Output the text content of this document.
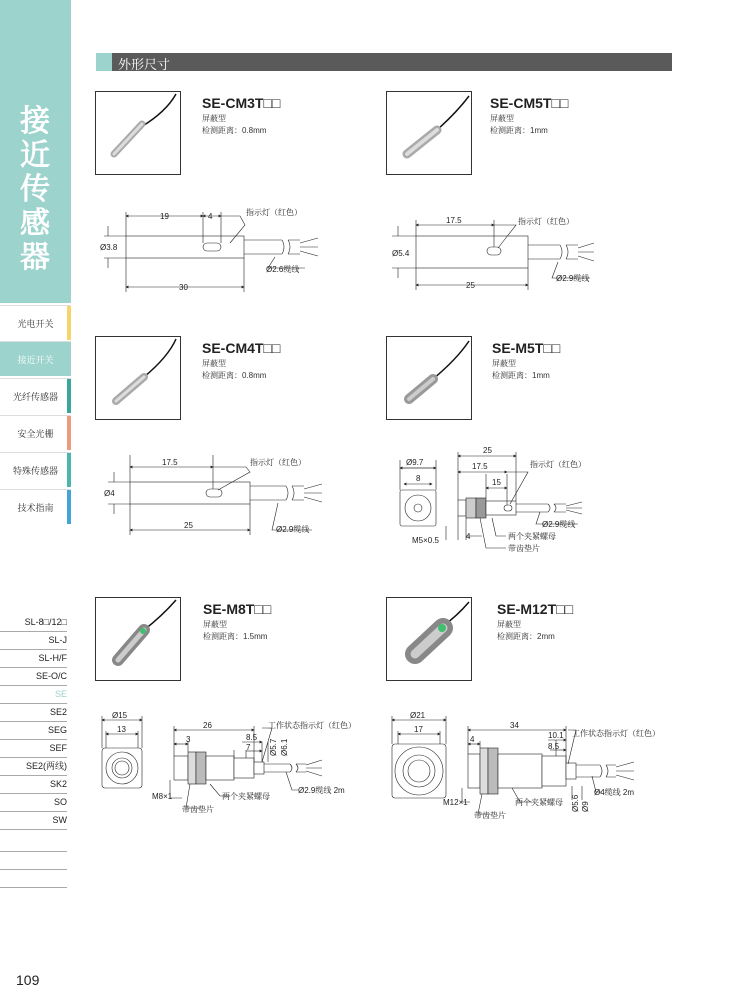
接近传感器
光电开关
接近开关
光纤传感器
安全光栅
特殊传感器
技术指南
SL-8□/12□
SL-J
SL-H/F
SE-O/C
SE
SE2
SEG
SEF
SE2(两线)
SK2
SO
SW
109
外形尺寸
SE-CM3T□□
屏蔽型
检测距离：0.8mm
SE-CM5T□□
屏蔽型
检测距离：1mm
SE-CM4T□□
屏蔽型
检测距离：0.8mm
SE-M5T□□
屏蔽型
检测距离：1mm
SE-M8T□□
屏蔽型
检测距离：1.5mm
SE-M12T□□
屏蔽型
检测距离：2mm
19	4	指示灯（红色）
Ø3.8
Ø2.6缆线
30
17.5	指示灯（红色）
Ø5.4
Ø2.9缆线
25
17.5	指示灯（红色）
Ø4
Ø2.9缆线
25
25
Ø9.7	17.5	指示灯（红色）
8	15
Ø2.9缆线
两个夹紧螺母
M5×0.5	4
带齿垫片
Ø15
13	26
3
工作状态指示灯（红色）
8.5
7 Ø5.7 Ø6.1
两个夹紧螺母
Ø2.9缆线 2m
M8×1
带齿垫片
Ø21
17	34
4	10.1 工作状态指示灯（红色）
8.5
M12×1	两个夹紧螺母 Ø5.6 Ø9
Ø4缆线 2m
带齿垫片
